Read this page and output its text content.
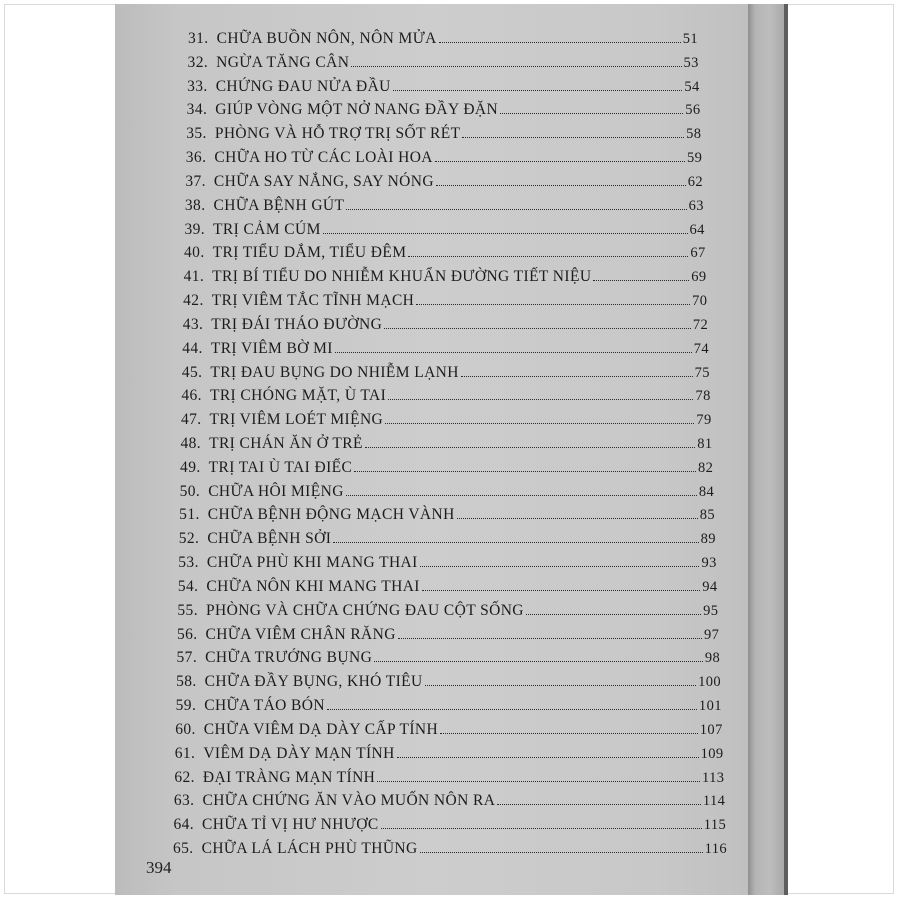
31. CHỮA BUỒN NÔN, NÔN MỬA	51
32. NGỪA TĂNG CÂN	53
33. CHỨNG ĐAU NỬA ĐẦU	54
34. GIÚP VÒNG MỘT NỞ NANG ĐẦY ĐẶN	56
35. PHÒNG VÀ HỖ TRỢ TRỊ SỐT RÉT	58
36. CHỮA HO TỪ CÁC LOÀI HOA	59
37. CHỮA SAY NẮNG, SAY NÓNG	62
38. CHỮA BỆNH GÚT	63
39. TRỊ CẢM CÚM	64
40. TRỊ TIỂU DẮM, TIỂU ĐÊM	67
41. TRỊ BÍ TIỂU DO NHIỄM KHUẨN ĐƯỜNG TIẾT NIỆU	69
42. TRỊ VIÊM TẮC TĨNH MẠCH	70
43. TRỊ ĐÁI THÁO ĐƯỜNG	72
44. TRỊ VIÊM BỜ MI	74
45. TRỊ ĐAU BỤNG DO NHIỄM LẠNH	75
46. TRỊ CHÓNG MẶT, Ù TAI	78
47. TRỊ VIÊM LOÉT MIỆNG	79
48. TRỊ CHÁN ĂN Ở TRẺ	81
49. TRỊ TAI Ù TAI ĐIẾC	82
50. CHỮA HÔI MIỆNG	84
51. CHỮA BỆNH ĐỘNG MẠCH VÀNH	85
52. CHỮA BỆNH SỞI	89
53. CHỮA PHÙ KHI MANG THAI	93
54. CHỮA NÔN KHI MANG THAI	94
55. PHÒNG VÀ CHỮA CHỨNG ĐAU CỘT SỐNG	95
56. CHỮA VIÊM CHÂN RĂNG	97
57. CHỮA TRƯỚNG BỤNG	98
58. CHỮA ĐẦY BỤNG, KHÓ TIÊU	100
59. CHỮA TÁO BÓN	101
60. CHỮA VIÊM DẠ DÀY CẤP TÍNH	107
61. VIÊM DẠ DÀY MẠN TÍNH	109
62. ĐẠI TRÀNG MẠN TÍNH	113
63. CHỮA CHỨNG ĂN VÀO MUỐN NÔN RA	114
64. CHỮA TỈ VỊ HƯ NHƯỢC	115
65. CHỮA LÁ LÁCH PHÙ THŨNG	116
394
